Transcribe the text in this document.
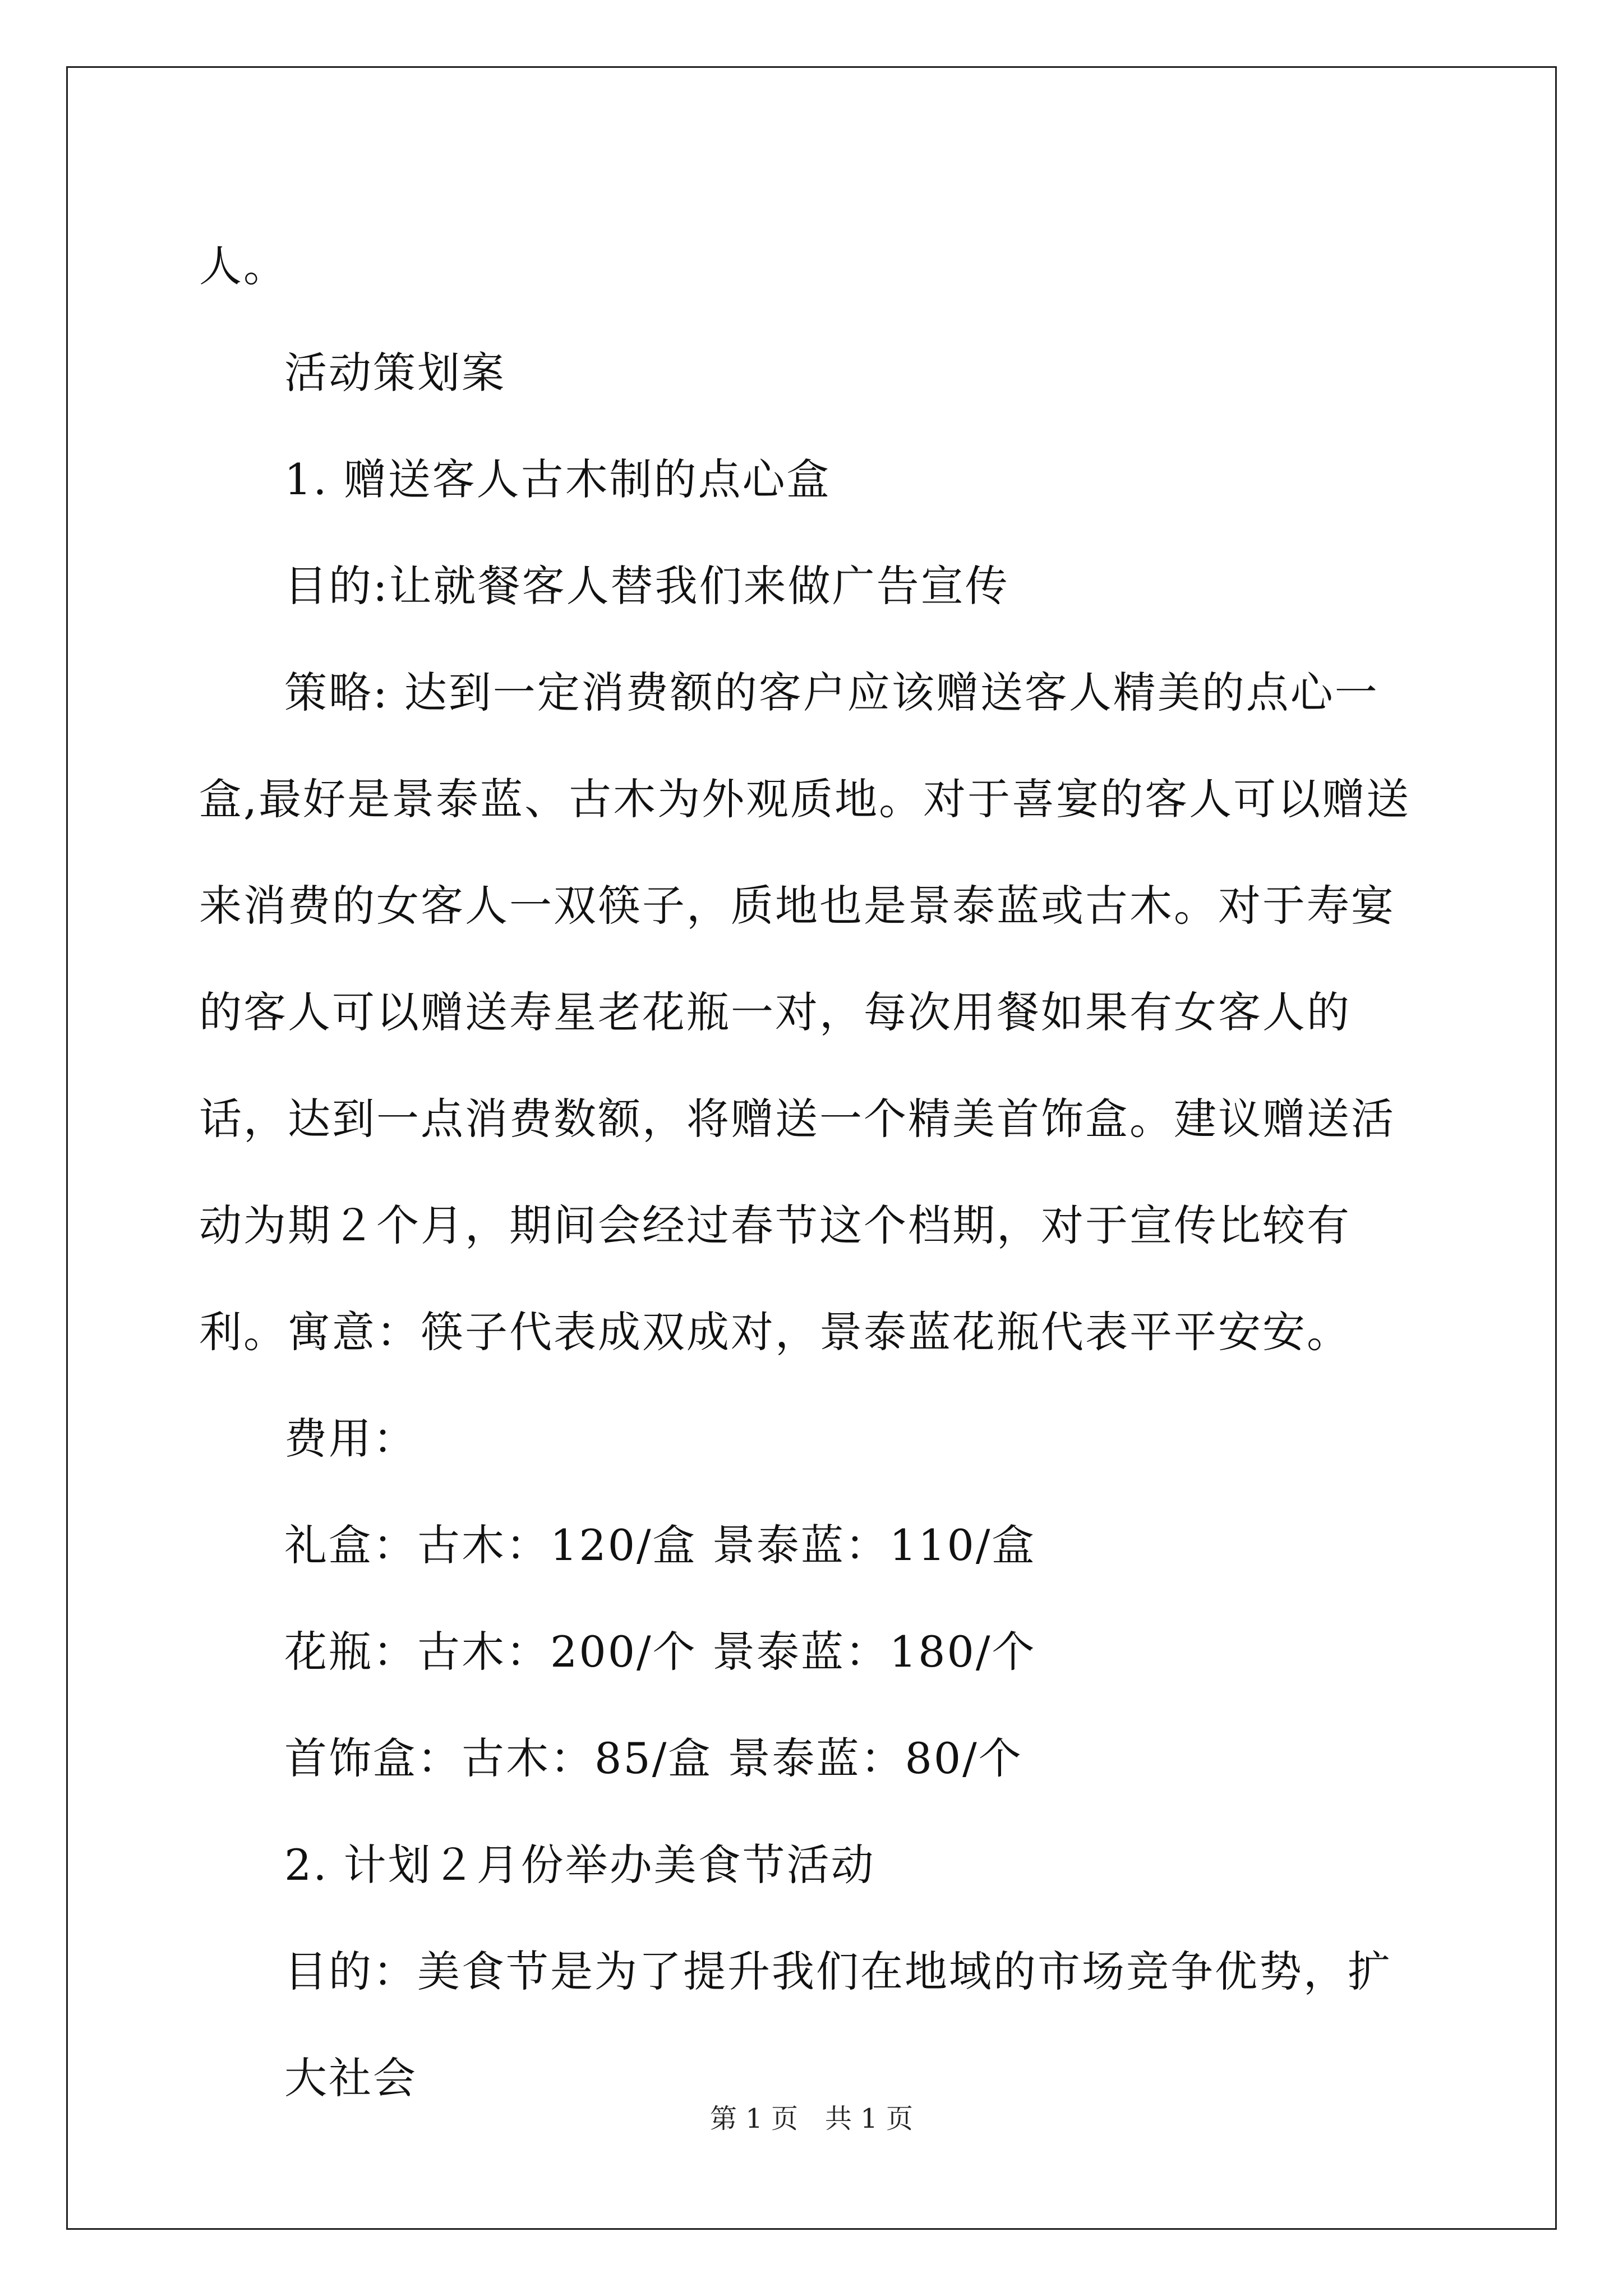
人。

活动策划案

1. 赠送客人古木制的点心盒

目的:让就餐客人替我们来做广告宣传

策略: 达到一定消费额的客户应该赠送客人精美的点心一盒,最好是景泰蓝、古木为外观质地。对于喜宴的客人可以赠送来消费的女客人一双筷子，质地也是景泰蓝或古木。对于寿宴的客人可以赠送寿星老花瓶一对，每次用餐如果有女客人的话，达到一点消费数额，将赠送一个精美首饰盒。建议赠送活动为期２个月，期间会经过春节这个档期，对于宣传比较有利。寓意：筷子代表成双成对，景泰蓝花瓶代表平平安安。

费用：

礼盒：古木：120/盒 景泰蓝：110/盒

花瓶：古木：200/个 景泰蓝：180/个

首饰盒：古木：85/盒 景泰蓝：80/个

2. 计划２月份举办美食节活动

目的：美食节是为了提升我们在地域的市场竞争优势，扩大社会

第 1 页　共 1 页
